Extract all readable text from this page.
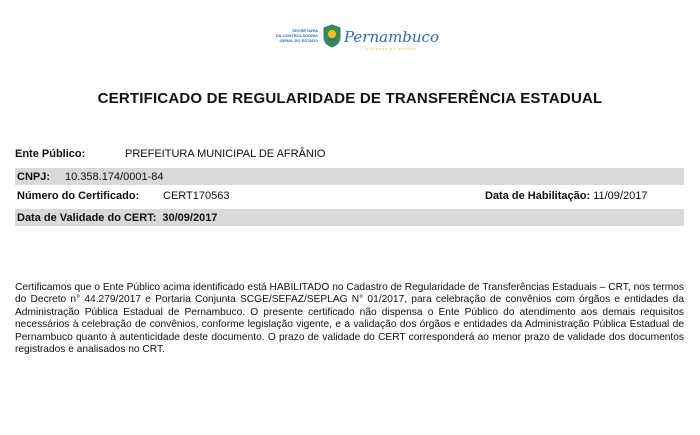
SECRETARIA
DA CONTROLADORIA
GERAL DO ESTADO Pernambuco
GOVERNO DO ESTADO
CERTIFICADO DE REGULARIDADE DE TRANSFERÊNCIA ESTADUAL
Ente Público:	PREFEITURA MUNICIPAL DE AFRÂNIO
CNPJ:	10.358.174/0001-84
Número do Certificado:	CERT170563	Data de Habilitação: 11/09/2017
Data de Validade do CERT: 30/09/2017
Certificamos que o Ente Público acima identificado está HABILITADO no Cadastro de Regularidade de Transferências Estaduais – CRT, nos termos do Decreto n° 44.279/2017 e Portaria Conjunta SCGE/SEFAZ/SEPLAG N° 01/2017, para celebração de convênios com órgãos e entidades da Administração Pública Estadual de Pernambuco. O presente certificado não dispensa o Ente Público do atendimento aos demais requisitos necessários à celebração de convênios, conforme legislação vigente, e a validação dos órgãos e entidades da Administração Pública Estadual de Pernambuco quanto à autenticidade deste documento. O prazo de validade do CERT corresponderá ao menor prazo de validade dos documentos registrados e analisados no CRT.
